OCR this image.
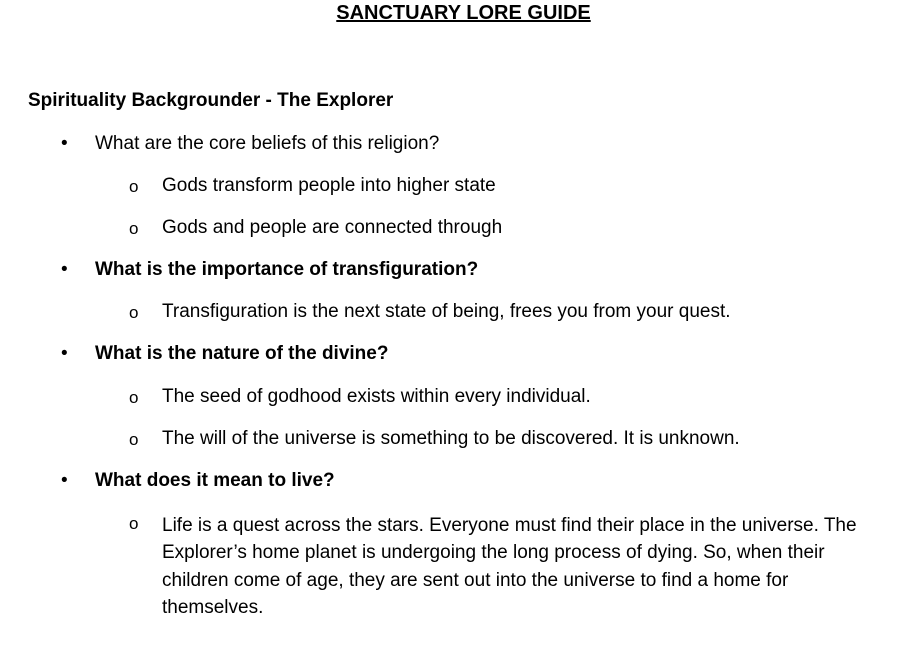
SANCTUARY LORE GUIDE
Spirituality Backgrounder - The Explorer
• What are the core beliefs of this religion?
o Gods transform people into higher state
o Gods and people are connected through
• What is the importance of transfiguration?
o Transfiguration is the next state of being, frees you from your quest.
• What is the nature of the divine?
o The seed of godhood exists within every individual.
o The will of the universe is something to be discovered. It is unknown.
• What does it mean to live?
o Life is a quest across the stars. Everyone must find their place in the universe. The Explorer’s home planet is undergoing the long process of dying. So, when their children come of age, they are sent out into the universe to find a home for themselves.
